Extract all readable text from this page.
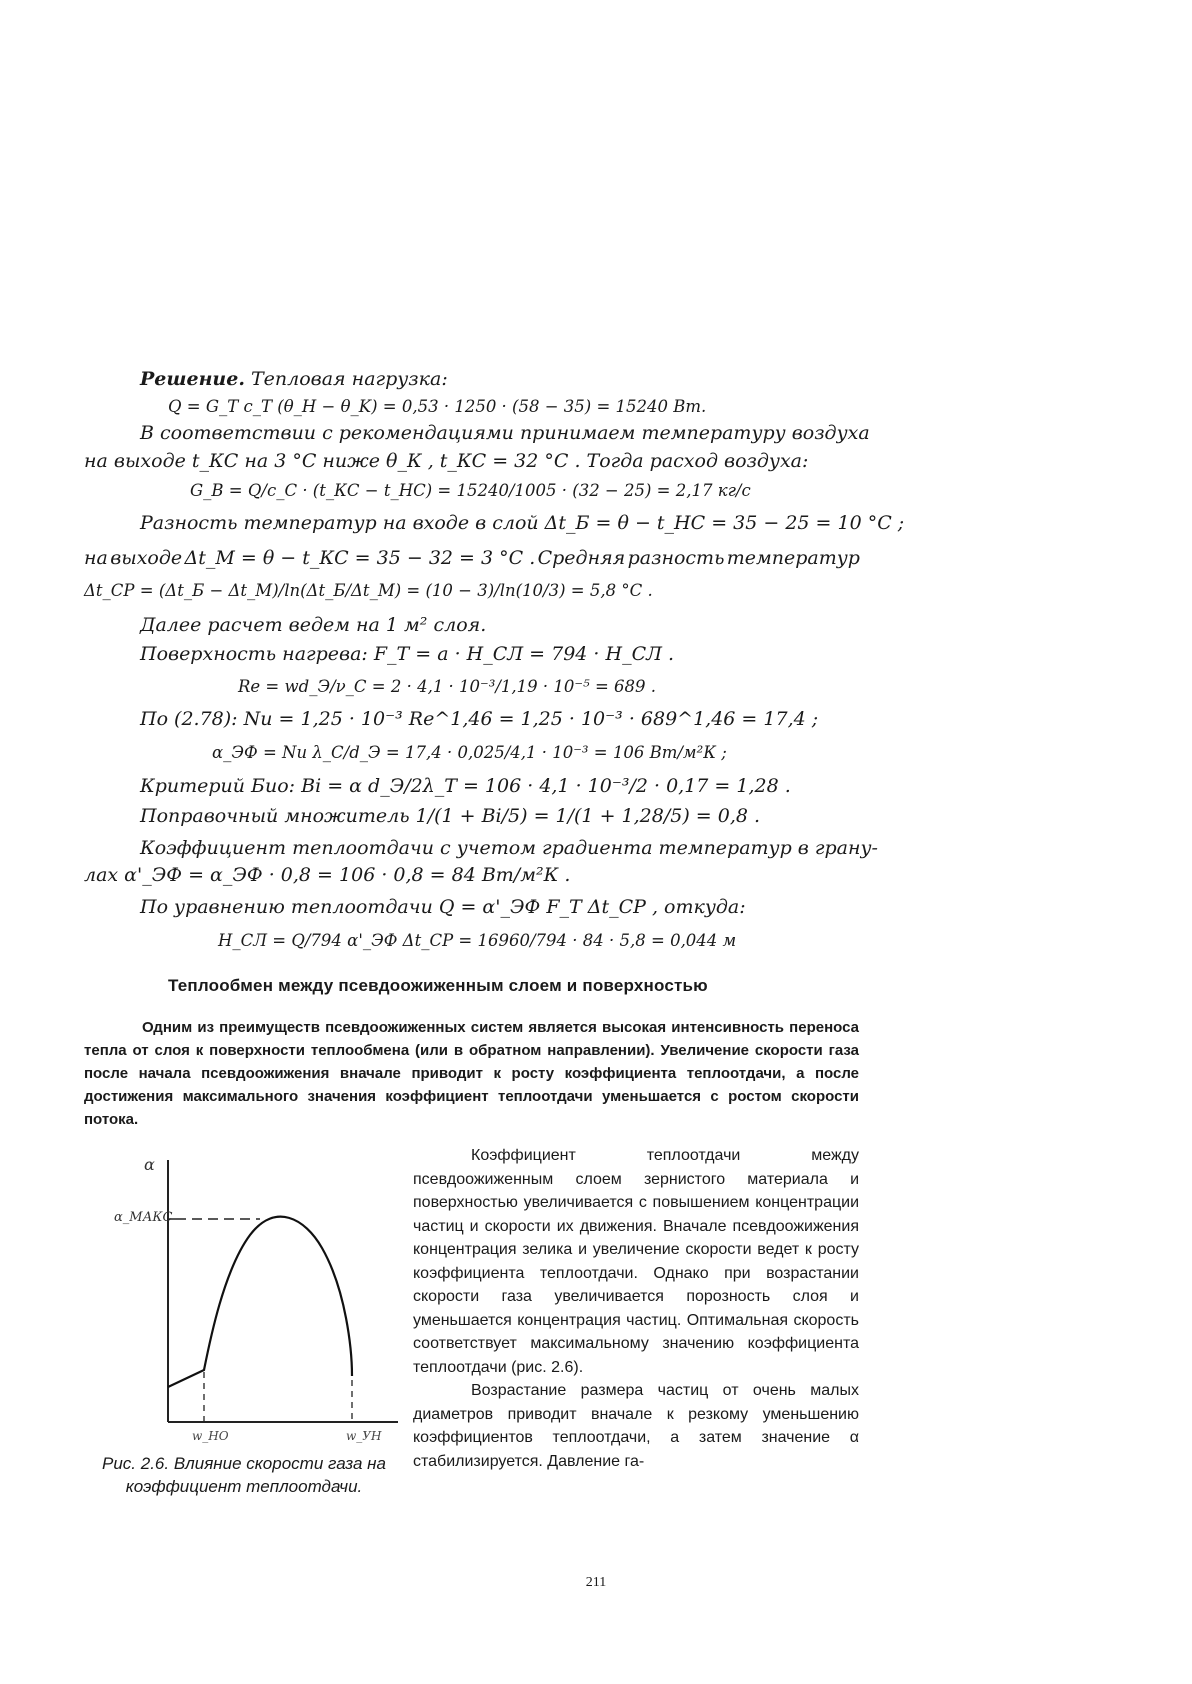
Решение. Тепловая нагрузка:
Q = G_T c_T (θ_H − θ_K) = 0,53 · 1250 · (58 − 35) = 15240 Вт.
В соответствии с рекомендациями принимаем температуру воздуха
на выходе t_КС на 3 °С ниже θ_К , t_КС = 32 °С . Тогда расход воздуха:
G_В = Q/c_C · (t_КС − t_НС) = 15240/1005 · (32 − 25) = 2,17 кг/с
Разность температур на входе в слой Δt_Б = θ − t_НС = 35 − 25 = 10 °С ;
на выходе Δt_М = θ − t_КС = 35 − 32 = 3 °С . Средняя разность температур
Δt_СР = (Δt_Б − Δt_М)/ln(Δt_Б/Δt_М) = (10 − 3)/ln(10/3) = 5,8 °С .
Далее расчет ведем на 1 м² слоя.
Поверхность нагрева: F_Т = a · H_СЛ = 794 · H_СЛ .
Re = wd_Э/ν_C = 2 · 4,1 · 10⁻³/1,19 · 10⁻⁵ = 689 .
По (2.78): Nu = 1,25 · 10⁻³ Re^1,46 = 1,25 · 10⁻³ · 689^1,46 = 17,4 ;
α_ЭФ = Nu λ_C/d_Э = 17,4 · 0,025/4,1 · 10⁻³ = 106 Вт/м²К ;
Критерий Био: Bi = α d_Э/2λ_Т = 106 · 4,1 · 10⁻³/2 · 0,17 = 1,28 .
Поправочный множитель 1/(1 + Bi/5) = 1/(1 + 1,28/5) = 0,8 .
Коэффициент теплоотдачи с учетом градиента температур в грану-
лах α'_ЭФ = α_ЭФ · 0,8 = 106 · 0,8 = 84 Вт/м²К .
По уравнению теплоотдачи Q = α'_ЭФ F_Т Δt_СР , откуда:
H_СЛ = Q/794 α'_ЭФ Δt_СР = 16960/794 · 84 · 5,8 = 0,044 м
Теплообмен между псевдоожиженным слоем и поверхностью

Одним из преимуществ псевдоожиженных систем является высокая интенсивность переноса тепла от слоя к поверхности теплообмена (или в обратном направлении). Увеличение скорости газа после начала псевдоожижения вначале приводит к росту коэффициента теплоотдачи, а после достижения максимального значения коэффициент теплоотдачи уменьшается с ростом скорости потока.

α
α_МАКС
w_НО	w_УН
Рис. 2.6. Влияние скорости газа на коэффициент теплоотдачи.

Коэффициент теплоотдачи между псевдоожиженным слоем зернистого материала и поверхностью увеличивается с повышением концентрации частиц и скорости их движения. Вначале псевдоожижения концентрация зелика и увеличение скорости ведет к росту коэффициента теплоотдачи. Однако при возрастании скорости газа увеличивается порозность слоя и уменьшается концентрация частиц. Оптимальная скорость соответствует максимальному значению коэффициента теплоотдачи (рис. 2.6).

Возрастание размера частиц от очень малых диаметров приводит вначале к резкому уменьшению коэффициентов теплоотдачи, а затем значение α стабилизируется. Давление га-

211
